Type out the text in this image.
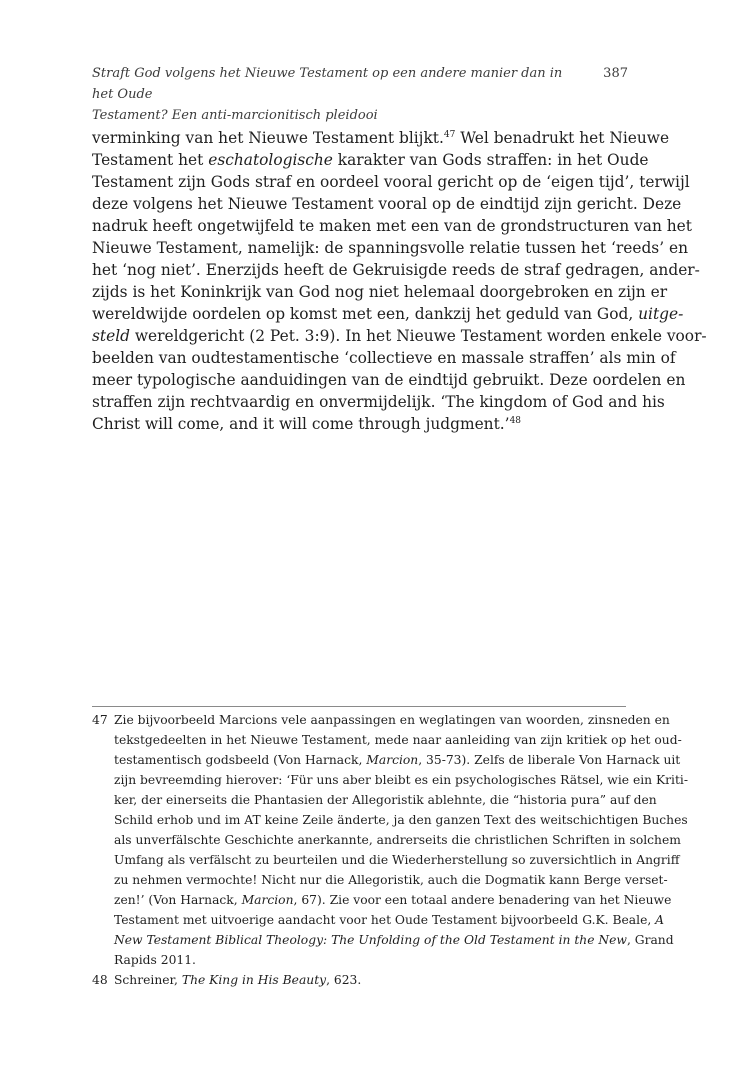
Straft God volgens het Nieuwe Testament op een andere manier dan in het Oude
Testament? Een anti-marcionitisch pleidooi
387
verminking van het Nieuwe Testament blijkt.$^{47}$ Wel benadrukt het Nieuwe
Testament het eschatologische karakter van Gods straffen: in het Oude
Testament zijn Gods straf en oordeel vooral gericht op de ‘eigen tijd’, terwijl
deze volgens het Nieuwe Testament vooral op de eindtijd zijn gericht. Deze
nadruk heeft ongetwijfeld te maken met een van de grondstructuren van het
Nieuwe Testament, namelijk: de spanningsvolle relatie tussen het ‘reeds’ en
het ‘nog niet’. Enerzijds heeft de Gekruisigde reeds de straf gedragen, ander-
zijds is het Koninkrijk van God nog niet helemaal doorgebroken en zijn er
wereldwijde oordelen op komst met een, dankzij het geduld van God, uitge-
steld wereldgericht (2 Pet. 3:9). In het Nieuwe Testament worden enkele voor-
beelden van oudtestamentische ‘collectieve en massale straffen’ als min of
meer typologische aanduidingen van de eindtijd gebruikt. Deze oordelen en
straffen zijn rechtvaardig en onvermijdelijk. ‘The kingdom of God and his
Christ will come, and it will come through judgment.’$^{48}$
47 Zie bijvoorbeeld Marcions vele aanpassingen en weglatingen van woorden, zinsneden en
tekstgedeelten in het Nieuwe Testament, mede naar aanleiding van zijn kritiek op het oud-
testamentisch godsbeeld (Von Harnack, Marcion, 35-73). Zelfs de liberale Von Harnack uit
zijn bevreemding hierover: ‘Für uns aber bleibt es ein psychologisches Rätsel, wie ein Kriti-
ker, der einerseits die Phantasien der Allegoristik ablehnte, die “historia pura” auf den
Schild erhob und im AT keine Zeile änderte, ja den ganzen Text des weitschichtigen Buches
als unverfälschte Geschichte anerkannte, andrerseits die christlichen Schriften in solchem
Umfang als verfälscht zu beurteilen und die Wiederherstellung so zuversichtlich in Angriff
zu nehmen vermochte! Nicht nur die Allegoristik, auch die Dogmatik kann Berge verset-
zen!’ (Von Harnack, Marcion, 67). Zie voor een totaal andere benadering van het Nieuwe
Testament met uitvoerige aandacht voor het Oude Testament bijvoorbeeld G.K. Beale, A
New Testament Biblical Theology: The Unfolding of the Old Testament in the New, Grand
Rapids 2011.
48 Schreiner, The King in His Beauty, 623.
